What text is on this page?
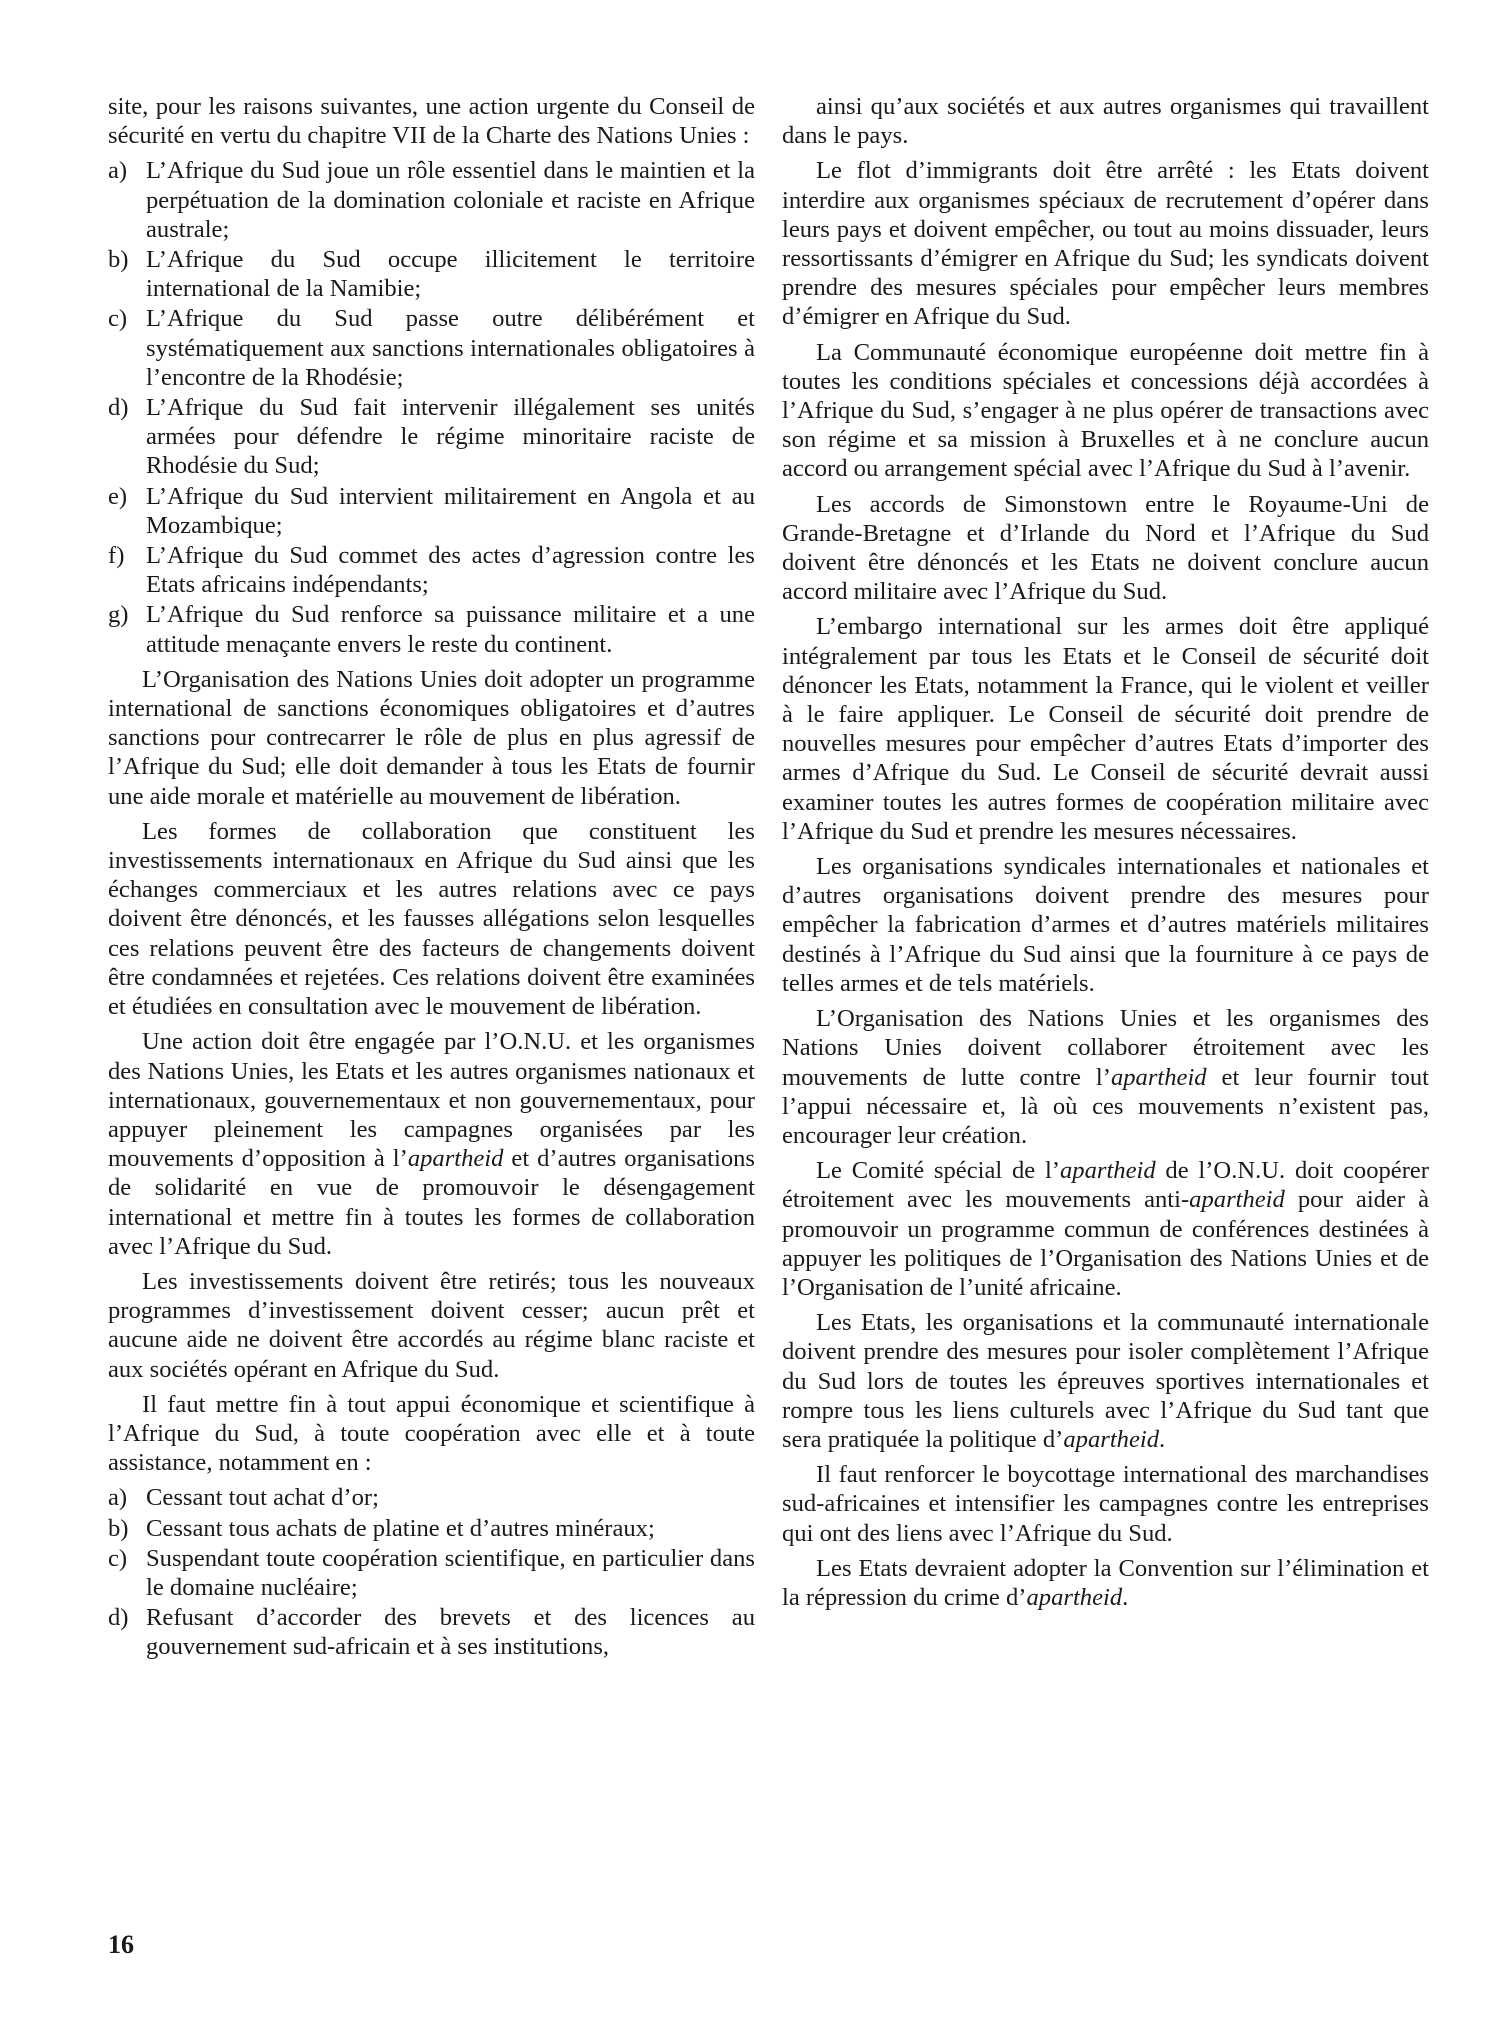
site, pour les raisons suivantes, une action urgente du Conseil de sécurité en vertu du chapitre VII de la Charte des Nations Unies :

a) L’Afrique du Sud joue un rôle essentiel dans le maintien et la perpétuation de la domination coloniale et raciste en Afrique australe;
b) L’Afrique du Sud occupe illicitement le territoire international de la Namibie;
c) L’Afrique du Sud passe outre délibérément et systématiquement aux sanctions internationales obligatoires à l’encontre de la Rhodésie;
d) L’Afrique du Sud fait intervenir illégalement ses unités armées pour défendre le régime minoritaire raciste de Rhodésie du Sud;
e) L’Afrique du Sud intervient militairement en Angola et au Mozambique;
f) L’Afrique du Sud commet des actes d’agression contre les Etats africains indépendants;
g) L’Afrique du Sud renforce sa puissance militaire et a une attitude menaçante envers le reste du continent.

L’Organisation des Nations Unies doit adopter un programme international de sanctions économiques obligatoires et d’autres sanctions pour contrecarrer le rôle de plus en plus agressif de l’Afrique du Sud; elle doit demander à tous les Etats de fournir une aide morale et matérielle au mouvement de libération.

Les formes de collaboration que constituent les investissements internationaux en Afrique du Sud ainsi que les échanges commerciaux et les autres relations avec ce pays doivent être dénoncés, et les fausses allégations selon lesquelles ces relations peuvent être des facteurs de changements doivent être condamnées et rejetées. Ces relations doivent être examinées et étudiées en consultation avec le mouvement de libération.

Une action doit être engagée par l’O.N.U. et les organismes des Nations Unies, les Etats et les autres organismes nationaux et internationaux, gouvernementaux et non gouvernementaux, pour appuyer pleinement les campagnes organisées par les mouvements d’opposition à l’apartheid et d’autres organisations de solidarité en vue de promouvoir le désengagement international et mettre fin à toutes les formes de collaboration avec l’Afrique du Sud.

Les investissements doivent être retirés; tous les nouveaux programmes d’investissement doivent cesser; aucun prêt et aucune aide ne doivent être accordés au régime blanc raciste et aux sociétés opérant en Afrique du Sud.

Il faut mettre fin à tout appui économique et scientifique à l’Afrique du Sud, à toute coopération avec elle et à toute assistance, notamment en :

a) Cessant tout achat d’or;
b) Cessant tous achats de platine et d’autres minéraux;
c) Suspendant toute coopération scientifique, en particulier dans le domaine nucléaire;
d) Refusant d’accorder des brevets et des licences au gouvernement sud-africain et à ses institutions,

ainsi qu’aux sociétés et aux autres organismes qui travaillent dans le pays.

Le flot d’immigrants doit être arrêté : les Etats doivent interdire aux organismes spéciaux de recrutement d’opérer dans leurs pays et doivent empêcher, ou tout au moins dissuader, leurs ressortissants d’émigrer en Afrique du Sud; les syndicats doivent prendre des mesures spéciales pour empêcher leurs membres d’émigrer en Afrique du Sud.

La Communauté économique européenne doit mettre fin à toutes les conditions spéciales et concessions déjà accordées à l’Afrique du Sud, s’engager à ne plus opérer de transactions avec son régime et sa mission à Bruxelles et à ne conclure aucun accord ou arrangement spécial avec l’Afrique du Sud à l’avenir.

Les accords de Simonstown entre le Royaume-Uni de Grande-Bretagne et d’Irlande du Nord et l’Afrique du Sud doivent être dénoncés et les Etats ne doivent conclure aucun accord militaire avec l’Afrique du Sud.

L’embargo international sur les armes doit être appliqué intégralement par tous les Etats et le Conseil de sécurité doit dénoncer les Etats, notamment la France, qui le violent et veiller à le faire appliquer. Le Conseil de sécurité doit prendre de nouvelles mesures pour empêcher d’autres Etats d’importer des armes d’Afrique du Sud. Le Conseil de sécurité devrait aussi examiner toutes les autres formes de coopération militaire avec l’Afrique du Sud et prendre les mesures nécessaires.

Les organisations syndicales internationales et nationales et d’autres organisations doivent prendre des mesures pour empêcher la fabrication d’armes et d’autres matériels militaires destinés à l’Afrique du Sud ainsi que la fourniture à ce pays de telles armes et de tels matériels.

L’Organisation des Nations Unies et les organismes des Nations Unies doivent collaborer étroitement avec les mouvements de lutte contre l’apartheid et leur fournir tout l’appui nécessaire et, là où ces mouvements n’existent pas, encourager leur création.

Le Comité spécial de l’apartheid de l’O.N.U. doit coopérer étroitement avec les mouvements anti-apartheid pour aider à promouvoir un programme commun de conférences destinées à appuyer les politiques de l’Organisation des Nations Unies et de l’Organisation de l’unité africaine.

Les Etats, les organisations et la communauté internationale doivent prendre des mesures pour isoler complètement l’Afrique du Sud lors de toutes les épreuves sportives internationales et rompre tous les liens culturels avec l’Afrique du Sud tant que sera pratiquée la politique d’apartheid.

Il faut renforcer le boycottage international des marchandises sud-africaines et intensifier les campagnes contre les entreprises qui ont des liens avec l’Afrique du Sud.

Les Etats devraient adopter la Convention sur l’élimination et la répression du crime d’apartheid.

16
